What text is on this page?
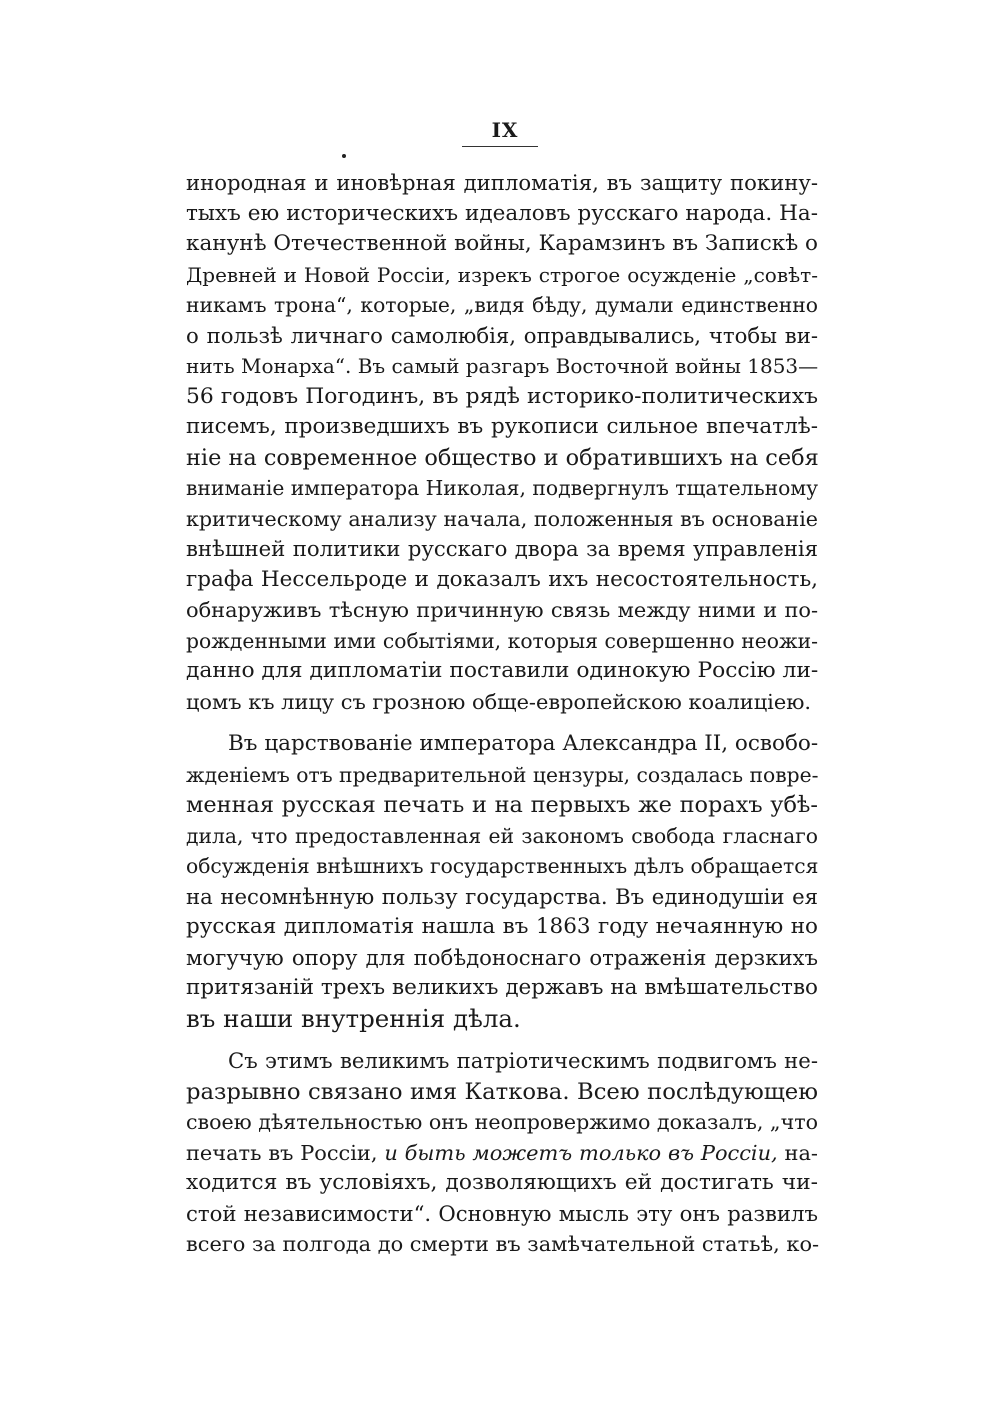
IX
инородная и иновѣрная дипломатія, въ защиту покину-
тыхъ ею историческихъ идеаловъ русскаго народа. На-
канунѣ Отечественной войны, Карамзинъ въ Запискѣ о
Древней и Новой Россіи, изрекъ строгое осужденіе „совѣт-
никамъ трона“, которые, „видя бѣду, думали единственно
о пользѣ личнаго самолюбія, оправдывались, чтобы ви-
нить Монарха“. Въ самый разгаръ Восточной войны 1853—
56 годовъ Погодинъ, въ рядѣ историко-политическихъ
писемъ, произведшихъ въ рукописи сильное впечатлѣ-
ніе на современное общество и обратившихъ на себя
вниманіе императора Николая, подвергнулъ тщательному
критическому анализу начала, положенныя въ основаніе
внѣшней политики русскаго двора за время управленія
графа Нессельроде и доказалъ ихъ несостоятельность,
обнаруживъ тѣсную причинную связь между ними и по-
рожденными ими событіями, которыя совершенно неожи-
данно для дипломатіи поставили одинокую Россію ли-
цомъ къ лицу съ грозною обще-европейскою коалиціею.
Въ царствованіе императора Александра II, освобо-
жденіемъ отъ предварительной цензуры, создалась повре-
менная русская печать и на первыхъ же порахъ убѣ-
дила, что предоставленная ей закономъ свобода гласнаго
обсужденія внѣшнихъ государственныхъ дѣлъ обращается
на несомнѣнную пользу государства. Въ единодушіи ея
русская дипломатія нашла въ 1863 году нечаянную но
могучую опору для побѣдоноснаго отраженія дерзкихъ
притязаній трехъ великихъ державъ на вмѣшательство
въ наши внутреннія дѣла.
Съ этимъ великимъ патріотическимъ подвигомъ не-
разрывно связано имя Каткова. Всею послѣдующею
своею дѣятельностью онъ неопровержимо доказалъ, „что
печать въ Россіи, и быть можетъ только въ Россіи, на-
ходится въ условіяхъ, дозволяющихъ ей достигать чи-
стой независимости“. Основную мысль эту онъ развилъ
всего за полгода до смерти въ замѣчательной статьѣ, ко-
